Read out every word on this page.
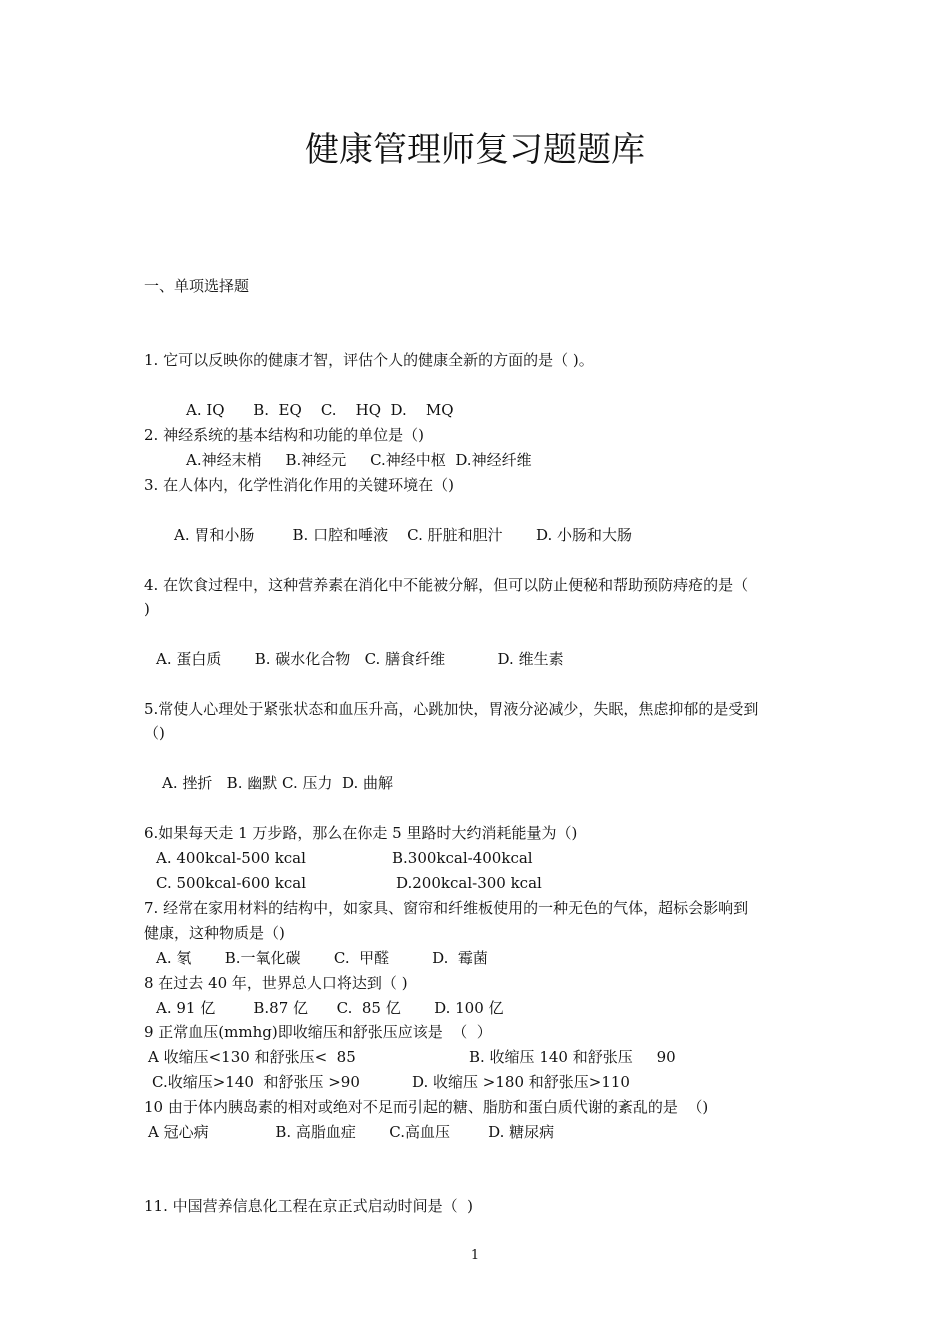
健康管理师复习题题库
一、单项选择题
1. 它可以反映你的健康才智，评估个人的健康全新的方面的是（ )。
A. IQ      B.  EQ    C.    HQ  D.    MQ
2. 神经系统的基本结构和功能的单位是（)
A.神经末梢     B.神经元     C.神经中枢  D.神经纤维
3. 在人体内，化学性消化作用的关键环境在（)
A. 胃和小肠        B. 口腔和唾液    C. 肝脏和胆汁       D. 小肠和大肠
4. 在饮食过程中，这种营养素在消化中不能被分解，但可以防止便秘和帮助预防痔疮的是（
)
A. 蛋白质       B. 碳水化合物   C. 膳食纤维           D. 维生素
5.常使人心理处于紧张状态和血压升高，心跳加快，胃液分泌减少，失眠，焦虑抑郁的是受到
（)
A. 挫折   B. 幽默 C. 压力  D. 曲解
6.如果每天走 1 万步路，那么在你走 5 里路时大约消耗能量为（)
A. 400kcal-500 kcal	B.300kcal-400kcal
C. 500kcal-600 kcal	D.200kcal-300 kcal
7. 经常在家用材料的结构中，如家具、窗帘和纤维板使用的一种无色的气体，超标会影响到
健康，这种物质是（)
A. 氡       B.一氧化碳       C.  甲醛         D.  霉菌
8 在过去 40 年，世界总人口将达到（ )
A. 91 亿        B.87 亿      C.  85 亿       D. 100 亿
9 正常血压(mmhg)即收缩压和舒张压应该是  （  ）
A 收缩压<130 和舒张压<  85	B. 收缩压 140 和舒张压     90
C.收缩压>140  和舒张压 >90	D. 收缩压 >180 和舒张压>110
10 由于体内胰岛素的相对或绝对不足而引起的糖、脂肪和蛋白质代谢的紊乱的是  （)
A 冠心病              B. 高脂血症       C.高血压        D. 糖尿病
11. 中国营养信息化工程在京正式启动时间是（  )
1
